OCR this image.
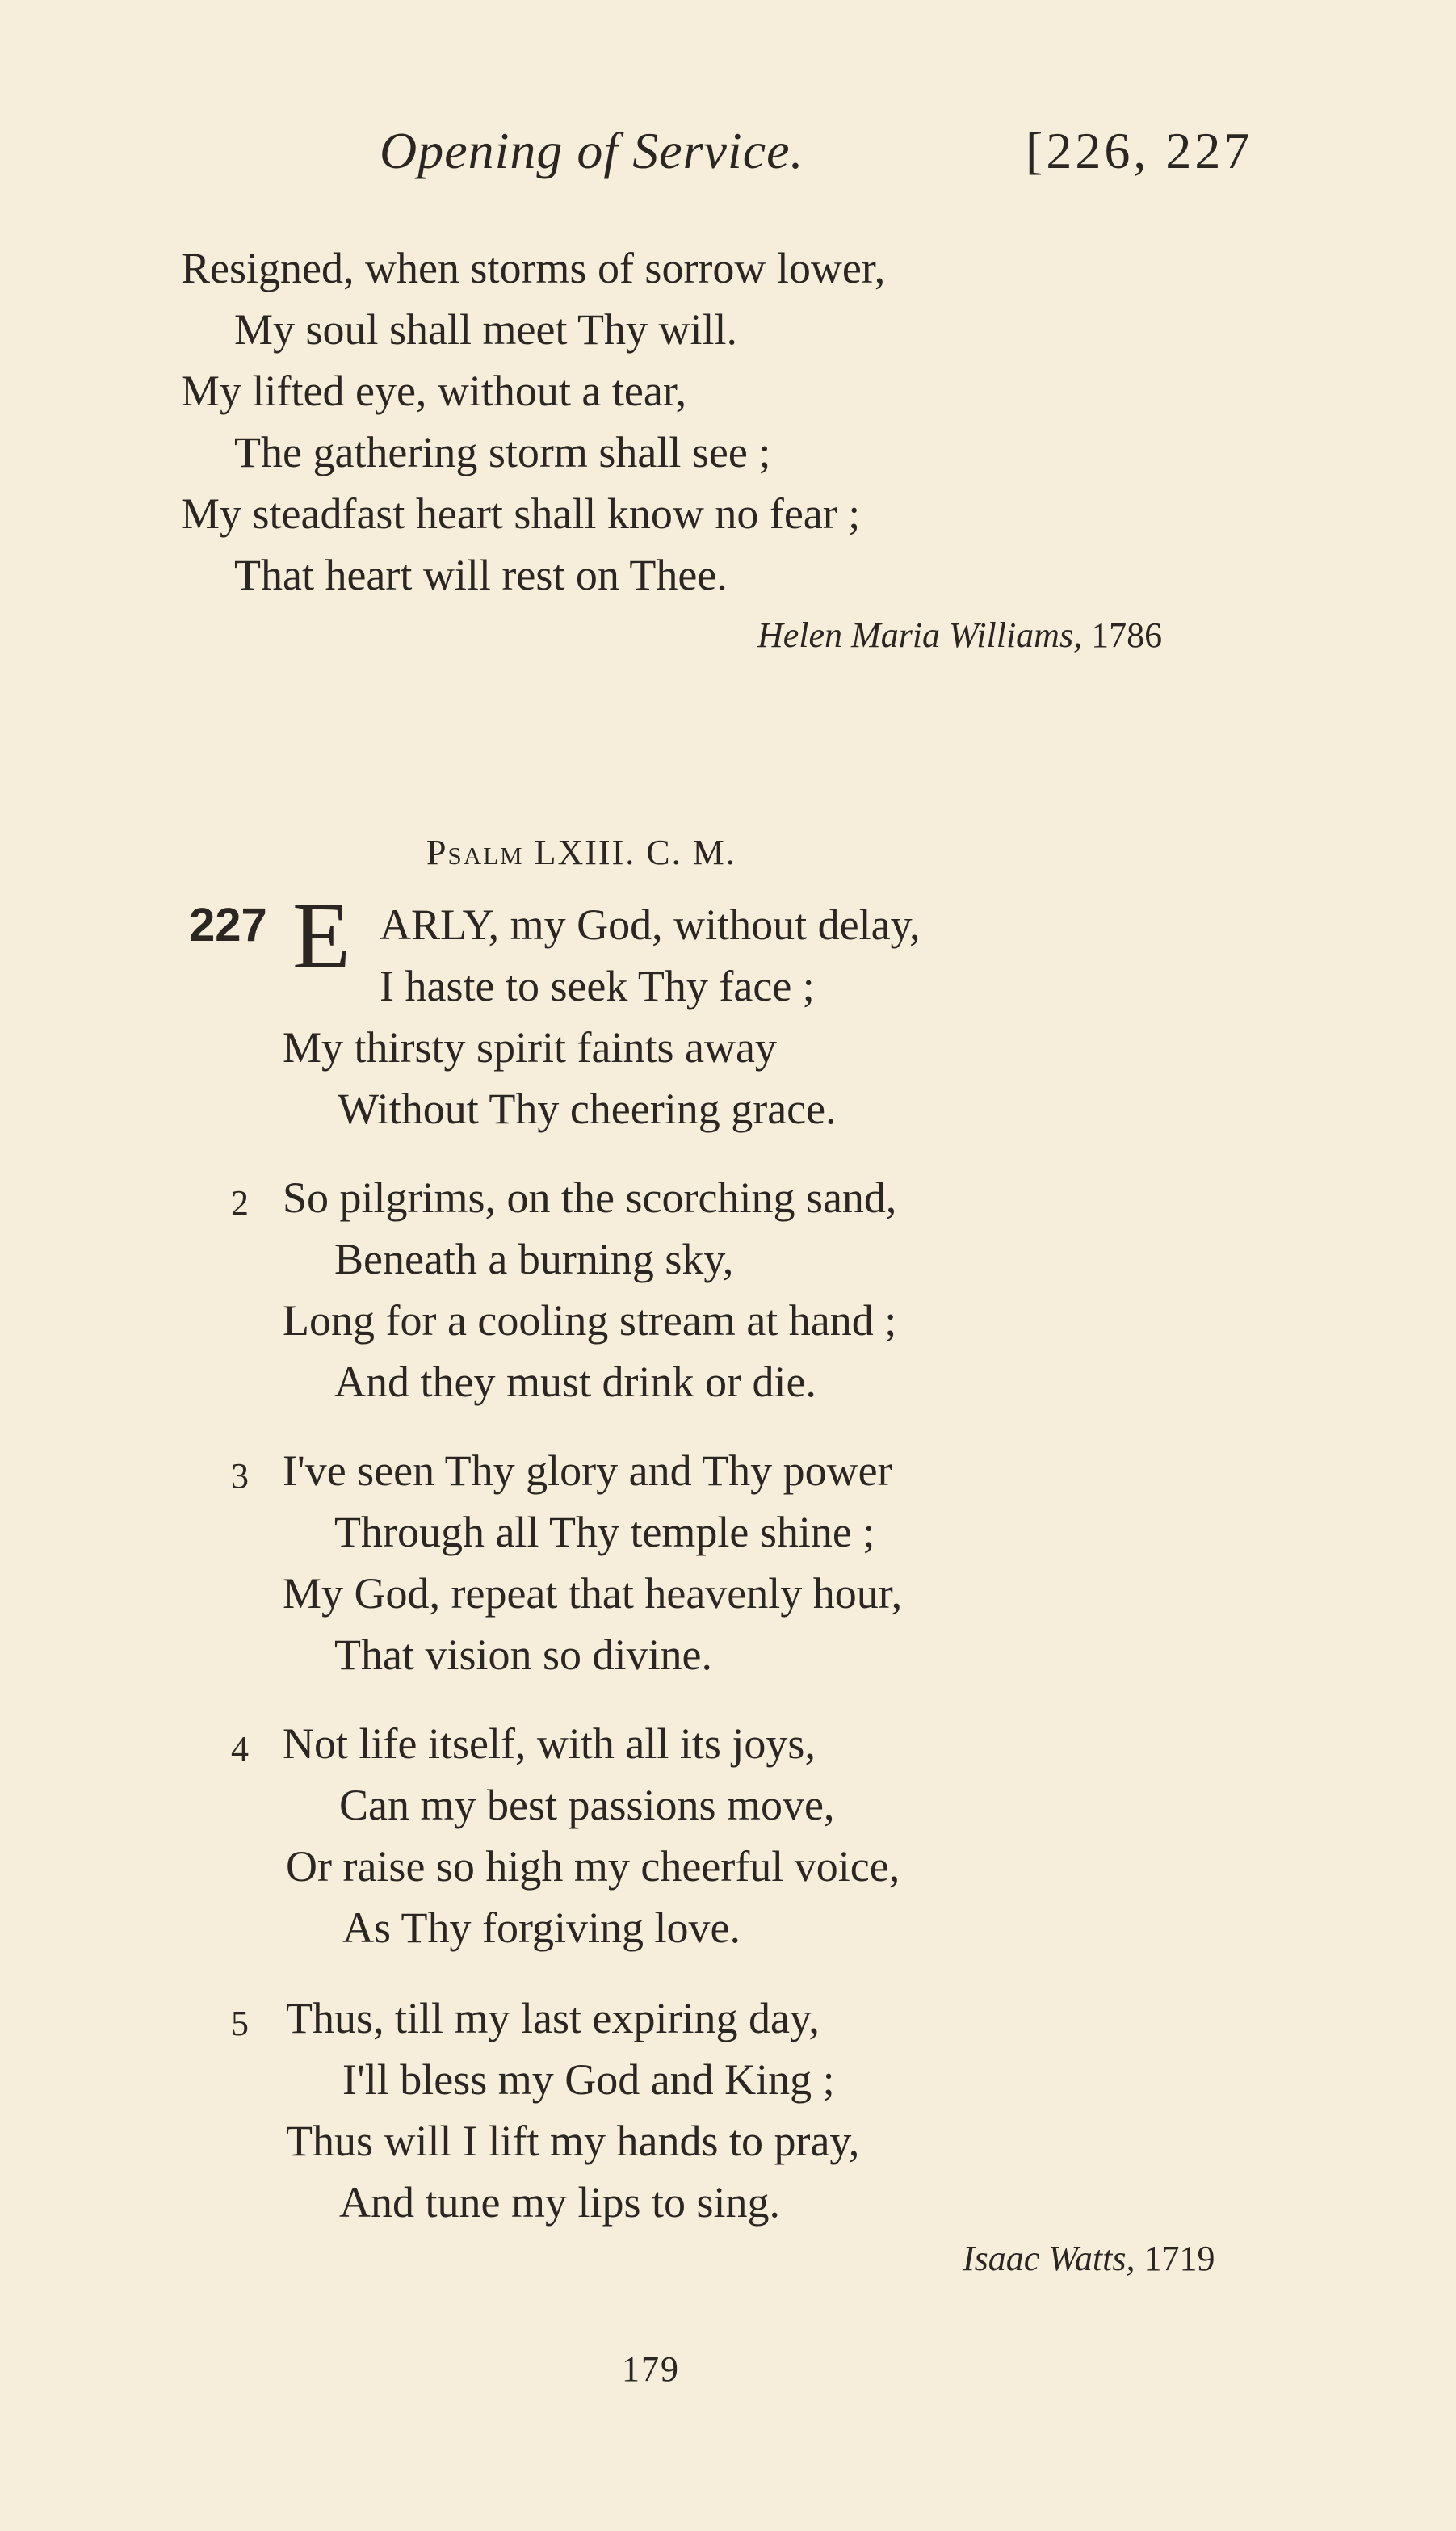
Opening of Service.	[226, 227
Resigned, when storms of sorrow lower,
My soul shall meet Thy will.
My lifted eye, without a tear,
The gathering storm shall see ;
My steadfast heart shall know no fear ;
That heart will rest on Thee.
Helen Maria Williams, 1786
Psalm LXIII. C. M.
227 E ARLY, my God, without delay,
I haste to seek Thy face ;
My thirsty spirit faints away
Without Thy cheering grace.
2 So pilgrims, on the scorching sand,
Beneath a burning sky,
Long for a cooling stream at hand ;
And they must drink or die.
3 I've seen Thy glory and Thy power
Through all Thy temple shine ;
My God, repeat that heavenly hour,
That vision so divine.
4 Not life itself, with all its joys,
Can my best passions move,
Or raise so high my cheerful voice,
As Thy forgiving love.
5 Thus, till my last expiring day,
I'll bless my God and King ;
Thus will I lift my hands to pray,
And tune my lips to sing.
Isaac Watts, 1719
179
